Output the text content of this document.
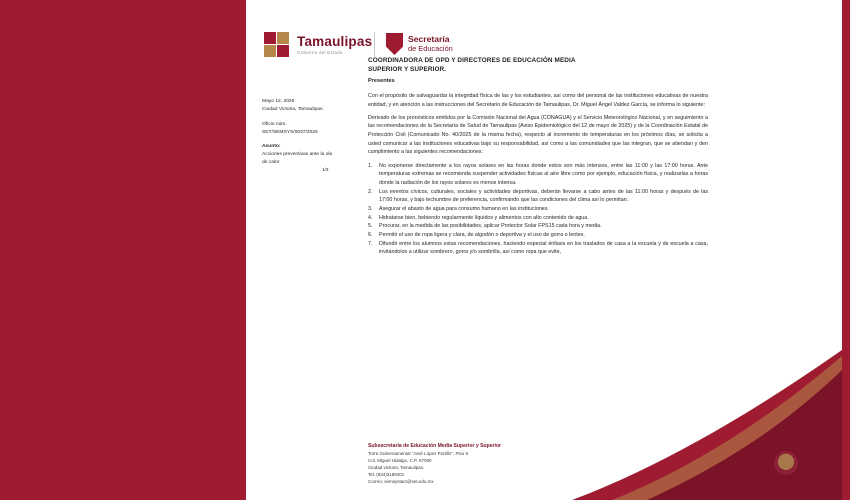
Tamaulipas
Gobierno del Estado
Secretaría
de Educación
COORDINADORA DE OPD Y DIRECTORES DE EDUCACIÓN MEDIA
SUPERIOR Y SUPERIOR.
Presentes
Mayo 12, 2025
Ciudad Victoria, Tamaulipas.
Oficio núm.
SET/SEMSYS/0037/2025
Asunto:
Acciones preventivas ante la ola
de calor
1/3

Con el propósito de salvaguardar la integridad física de las y los estudiantes, así como del personal de las instituciones educativas de nuestra entidad, y en atención a las instrucciones del Secretario de Educación de Tamaulipas, Dr. Miguel Ángel Valdez García, se informa lo siguiente:

Derivado de los pronósticos emitidos por la Comisión Nacional del Agua (CONAGUA) y el Servicio Meteorológico Nacional, y en seguimiento a las recomendaciones de la Secretaría de Salud de Tamaulipas (Aviso Epidemiológico del 12 de mayo de 2025) y de la Coordinación Estatal de Protección Civil (Comunicado No. 40/2025 de la misma fecha), respecto al incremento de temperaturas en los próximos días, se solicita a usted comunicar a las instituciones educativas bajo su responsabilidad, así como a las comunidades que las integran, que se atiendan y den cumplimiento a las siguientes recomendaciones:

1.	No exponerse directamente a los rayos solares en las horas donde estos son más intensos, entre las 11:00 y las 17:00 horas. Ante temperaturas extremas se recomienda suspender actividades físicas al aire libre como por ejemplo, educación física, y realizarlas a horas donde la radiación de los rayos solares es menos intensa.
2.	Los eventos cívicos, culturales, sociales y actividades deportivas, deberán llevarse a cabo antes de las 11:00 horas y después de las 17:00 horas, y bajo techumbre de preferencia, confirmando que las condiciones del clima así lo permitan.
3.	Asegurar el abasto de agua para consumo humano en las instituciones.
4.	Hidratarse bien, bebiendo regularmente líquidos y alimentos con alto contenido de agua.
5.	Procurar, en la medida de las posibilidades, aplicar Protector Solar FPS15 cada hora y media.
6.	Permitir el uso de ropa ligera y clara, de algodón o deportiva y el uso de gorra o lentes.
7.	Difundir entre los alumnos estas recomendaciones, haciendo especial énfasis en los traslados de casa a la escuela y de escuela a casa, invitándolos a utilizar sombrero, gorra y/o sombrilla, así como ropa que evite,
Subsecretaría de Educación Media Superior y Superior
Torre Gubernamental "José López Portillo", Piso 9
Col. Miguel Hidalgo, C.P. 87090
Ciudad victoria, Tamaulipas.
Tel. (834)3189401
Correo: semsystam@set.edu.mx
